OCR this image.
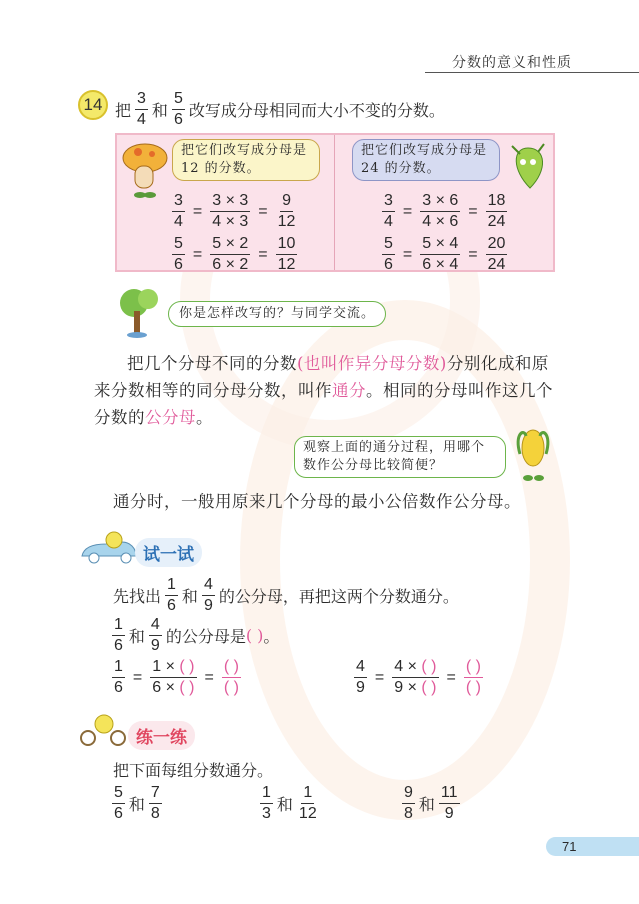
分数的意义和性质
14 把 $\frac{3}{4}$ 和 $\frac{5}{6}$ 改写成分母相同而大小不变的分数。
把它们改写成分母是 12 的分数。
把它们改写成分母是 24 的分数。
$\frac{3}{4} = \frac{3 \times 3}{4 \times 3} = \frac{9}{12}$
$\frac{5}{6} = \frac{5 \times 2}{6 \times 2} = \frac{10}{12}$
$\frac{3}{4} = \frac{3 \times 6}{4 \times 6} = \frac{18}{24}$
$\frac{5}{6} = \frac{5 \times 4}{6 \times 4} = \frac{20}{24}$
你是怎样改写的？与同学交流。
把几个分母不同的分数(也叫作异分母分数)分别化成和原来分数相等的同分母分数，叫作通分。相同的分母叫作这几个分数的公分母。
观察上面的通分过程，用哪个数作公分母比较简便？
通分时，一般用原来几个分母的最小公倍数作公分母。
试一试
先找出 $\frac{1}{6}$ 和 $\frac{4}{9}$ 的公分母，再把这两个分数通分。
$\frac{1}{6}$ 和 $\frac{4}{9}$ 的公分母是 ( ) 。
$\frac{1}{6} = \frac{1 \times ( )}{6 \times ( )} = \frac{( )}{( )}$	$\frac{4}{9} = \frac{4 \times ( )}{9 \times ( )} = \frac{( )}{( )}$
练一练
把下面每组分数通分。
$\frac{5}{6}$ 和 $\frac{7}{8}$	$\frac{1}{3}$ 和 $\frac{1}{12}$	$\frac{9}{8}$ 和 $\frac{11}{9}$
71
